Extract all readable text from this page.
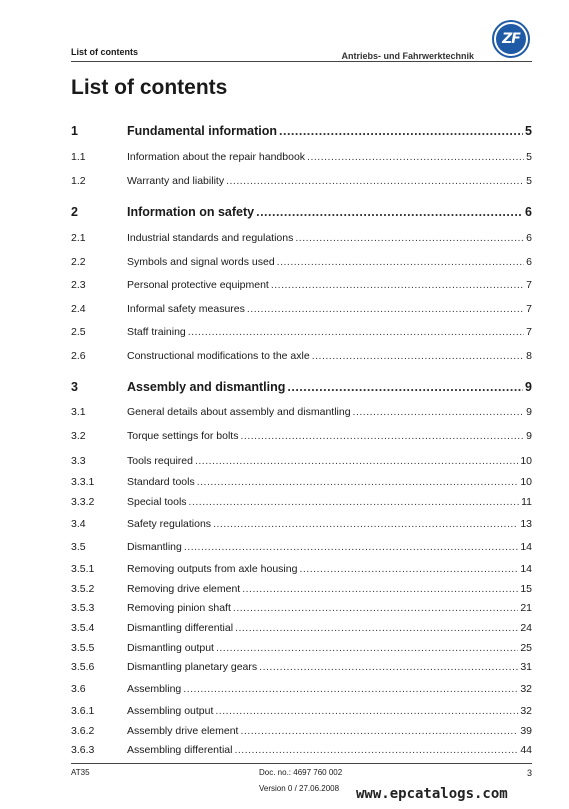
List of contents	Antriebs- und Fahrwerktechnik
ZF
List of contents
1	Fundamental information .....	5
1.1	Information about the repair handbook .....	5
1.2	Warranty and liability .....	5
2	Information on safety .....	6
2.1	Industrial standards and regulations .....	6
2.2	Symbols and signal words used .....	6
2.3	Personal protective equipment .....	7
2.4	Informal safety measures .....	7
2.5	Staff training .....	7
2.6	Constructional modifications to the axle .....	8
3	Assembly and dismantling .....	9
3.1	General details about assembly and dismantling .....	9
3.2	Torque settings for bolts .....	9
3.3	Tools required .....	10
3.3.1	Standard tools .....	10
3.3.2	Special tools .....	11
3.4	Safety regulations .....	13
3.5	Dismantling .....	14
3.5.1	Removing outputs from axle housing .....	14
3.5.2	Removing drive element .....	15
3.5.3	Removing pinion shaft .....	21
3.5.4	Dismantling differential .....	24
3.5.5	Dismantling output .....	25
3.5.6	Dismantling planetary gears .....	31
3.6	Assembling .....	32
3.6.1	Assembling output .....	32
3.6.2	Assembly drive element .....	39
3.6.3	Assembling differential .....	44
AT35	Doc. no.: 4697 760 002
Version 0 / 27.06.2008
3
www.epcatalogs.com
